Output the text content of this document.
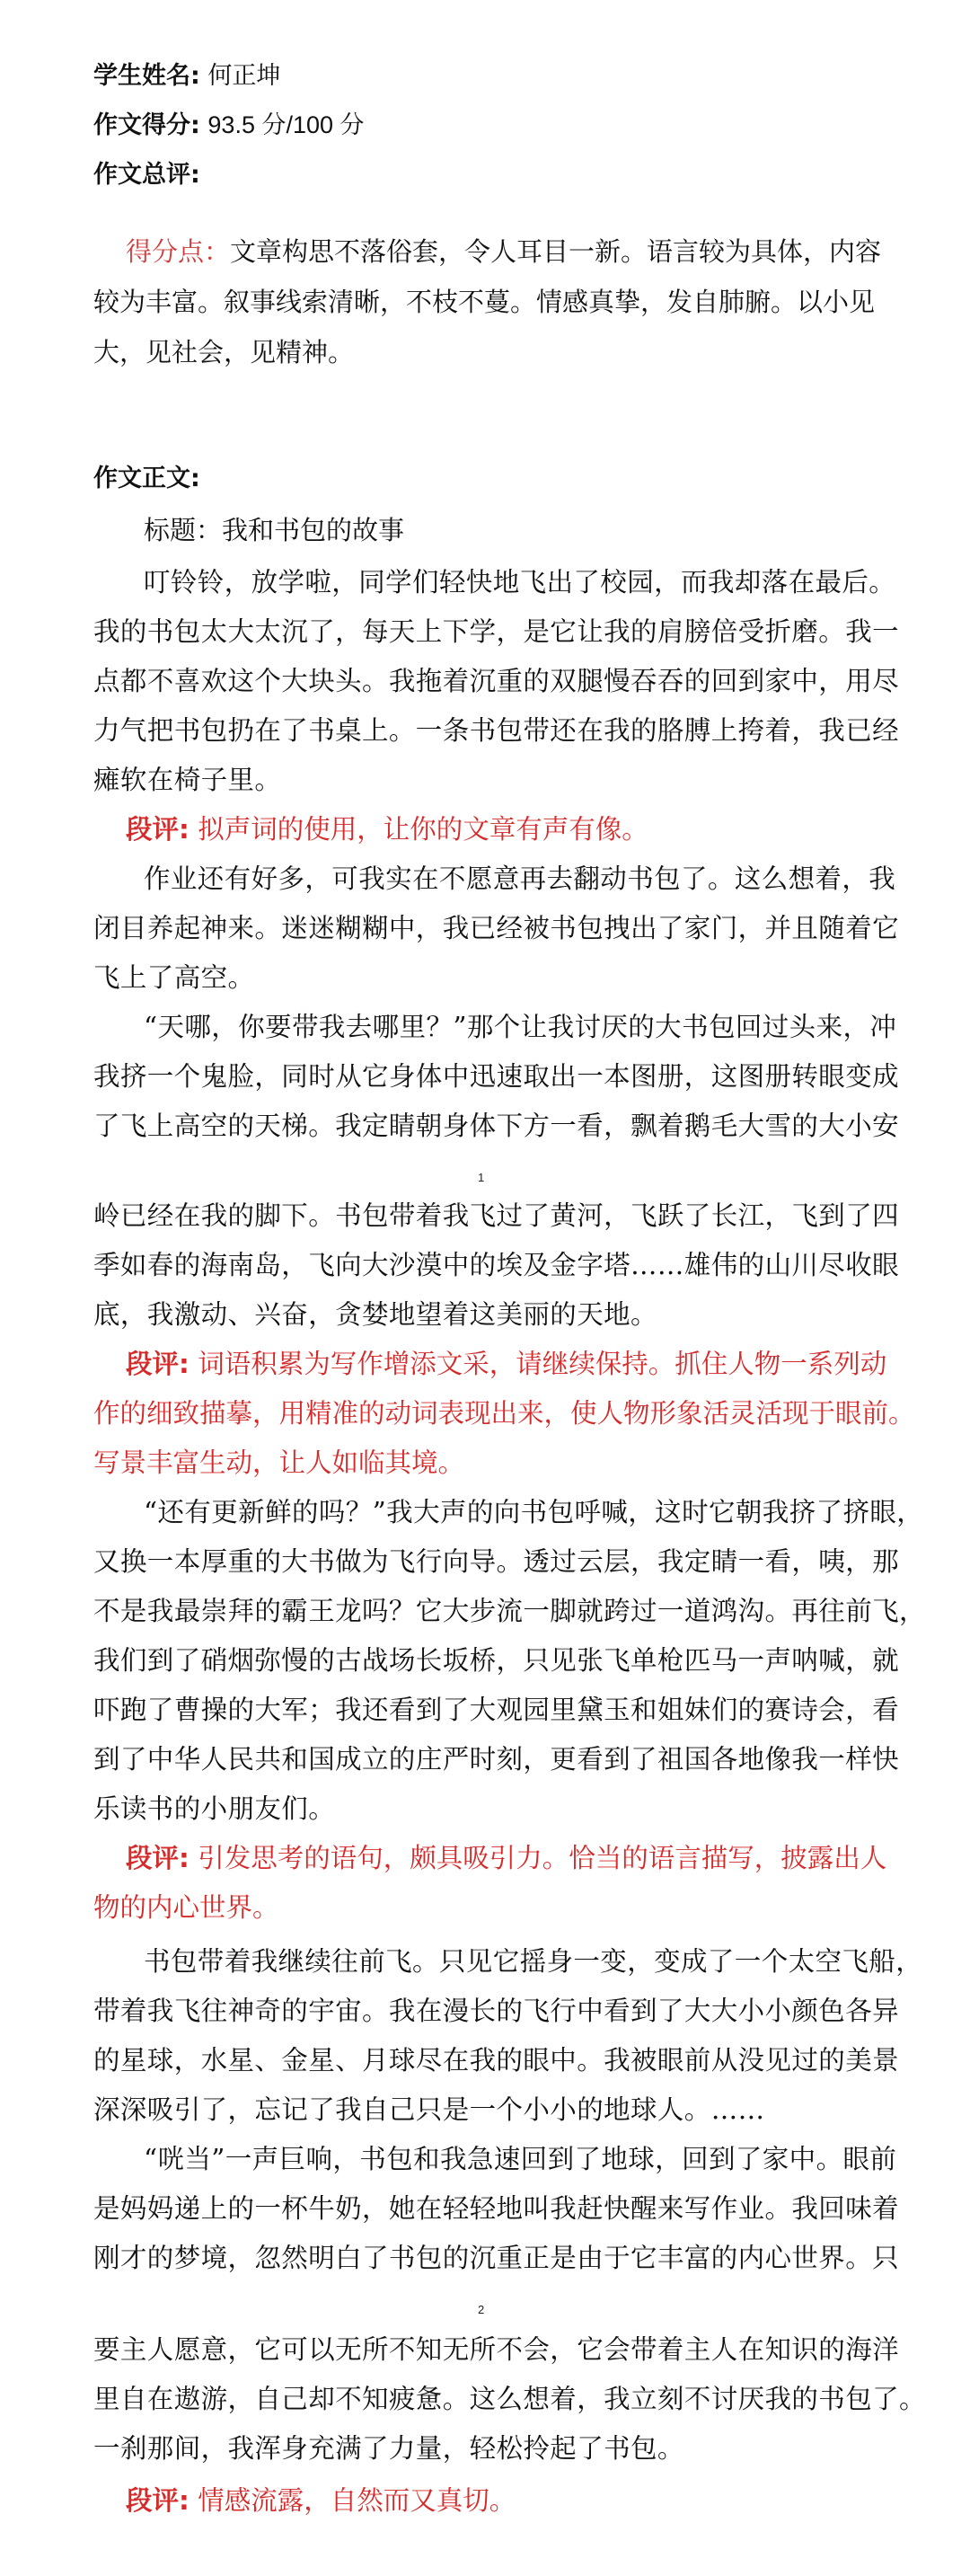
学生姓名: 何正坤
作文得分: 93.5 分/100 分
作文总评:
得分点：文章构思不落俗套，令人耳目一新。语言较为具体，内容
较为丰富。叙事线索清晰，不枝不蔓。情感真挚，发自肺腑。以小见
大，见社会，见精神。
作文正文:
标题：我和书包的故事
叮铃铃，放学啦，同学们轻快地飞出了校园，而我却落在最后。
我的书包太大太沉了，每天上下学，是它让我的肩膀倍受折磨。我一
点都不喜欢这个大块头。我拖着沉重的双腿慢吞吞的回到家中，用尽
力气把书包扔在了书桌上。一条书包带还在我的胳膊上挎着，我已经
瘫软在椅子里。
段评: 拟声词的使用，让你的文章有声有像。
作业还有好多，可我实在不愿意再去翻动书包了。这么想着，我
闭目养起神来。迷迷糊糊中，我已经被书包拽出了家门，并且随着它
飞上了高空。
“天哪，你要带我去哪里？”那个让我讨厌的大书包回过头来，冲
我挤一个鬼脸，同时从它身体中迅速取出一本图册，这图册转眼变成
了飞上高空的天梯。我定睛朝身体下方一看，飘着鹅毛大雪的大小安
1
岭已经在我的脚下。书包带着我飞过了黄河，飞跃了长江，飞到了四
季如春的海南岛，飞向大沙漠中的埃及金字塔……雄伟的山川尽收眼
底，我激动、兴奋，贪婪地望着这美丽的天地。
段评: 词语积累为写作增添文采，请继续保持。抓住人物一系列动
作的细致描摹，用精准的动词表现出来，使人物形象活灵活现于眼前。
写景丰富生动，让人如临其境。
“还有更新鲜的吗？”我大声的向书包呼喊，这时它朝我挤了挤眼，
又换一本厚重的大书做为飞行向导。透过云层，我定睛一看，咦，那
不是我最崇拜的霸王龙吗？它大步流一脚就跨过一道鸿沟。再往前飞，
我们到了硝烟弥慢的古战场长坂桥，只见张飞单枪匹马一声呐喊，就
吓跑了曹操的大军；我还看到了大观园里黛玉和姐妹们的赛诗会，看
到了中华人民共和国成立的庄严时刻，更看到了祖国各地像我一样快
乐读书的小朋友们。
段评: 引发思考的语句，颇具吸引力。恰当的语言描写，披露出人
物的内心世界。
书包带着我继续往前飞。只见它摇身一变，变成了一个太空飞船，
带着我飞往神奇的宇宙。我在漫长的飞行中看到了大大小小颜色各异
的星球，水星、金星、月球尽在我的眼中。我被眼前从没见过的美景
深深吸引了，忘记了我自己只是一个小小的地球人。……
“咣当”一声巨响，书包和我急速回到了地球，回到了家中。眼前
是妈妈递上的一杯牛奶，她在轻轻地叫我赶快醒来写作业。我回味着
刚才的梦境，忽然明白了书包的沉重正是由于它丰富的内心世界。只
2
要主人愿意，它可以无所不知无所不会，它会带着主人在知识的海洋
里自在遨游，自己却不知疲惫。这么想着，我立刻不讨厌我的书包了。
一刹那间，我浑身充满了力量，轻松拎起了书包。
段评: 情感流露，自然而又真切。
